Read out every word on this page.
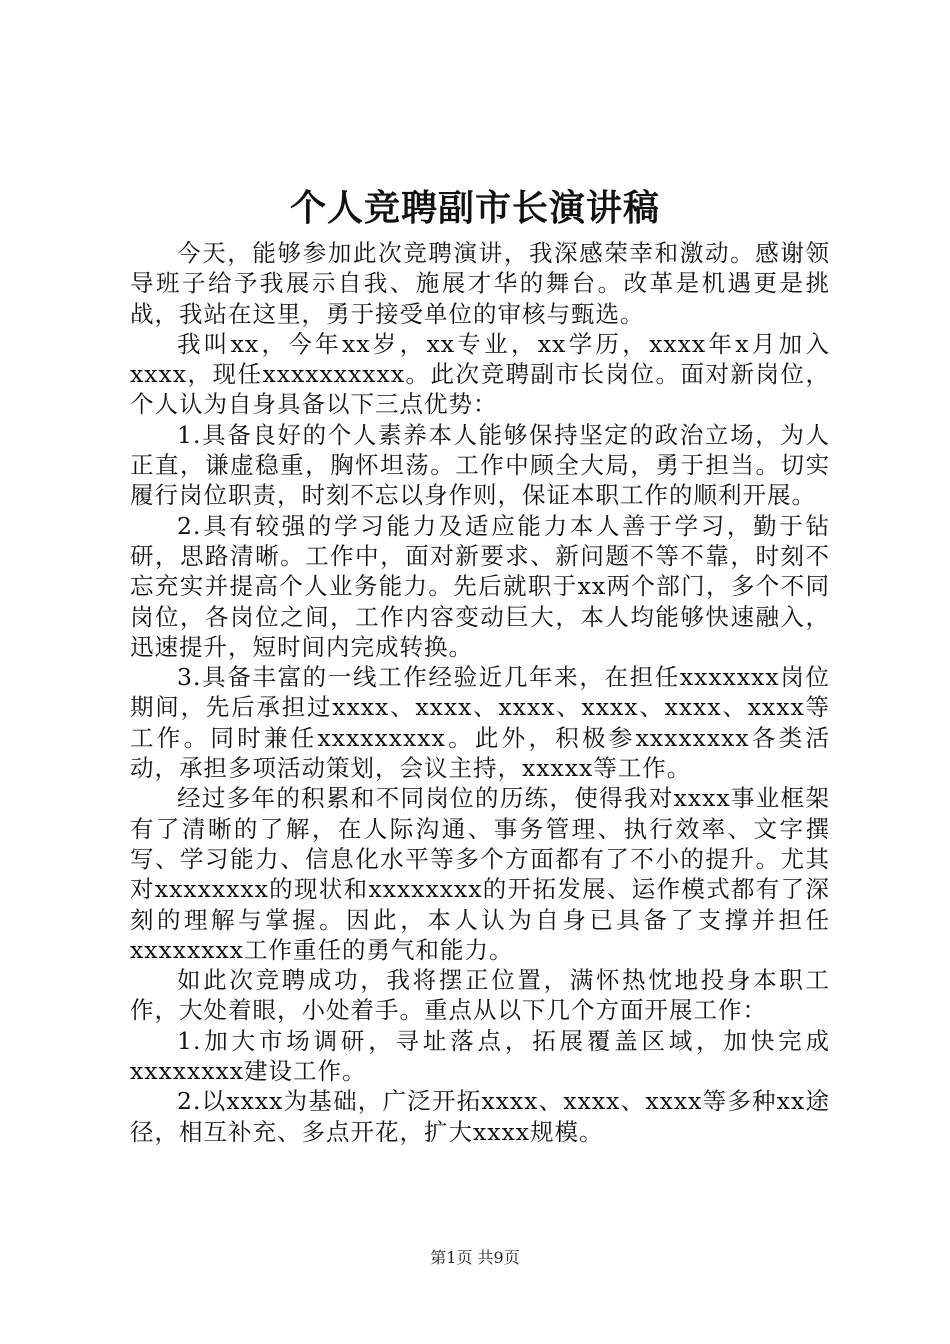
个人竞聘副市长演讲稿

今天，能够参加此次竞聘演讲，我深感荣幸和激动。感谢领导班子给予我展示自我、施展才华的舞台。改革是机遇更是挑战，我站在这里，勇于接受单位的审核与甄选。

我叫xx，今年xx岁，xx专业，xx学历，xxxx年x月加入xxxx，现任xxxxxxxxxx。此次竞聘副市长岗位。面对新岗位，个人认为自身具备以下三点优势：

1.具备良好的个人素养本人能够保持坚定的政治立场，为人正直，谦虚稳重，胸怀坦荡。工作中顾全大局，勇于担当。切实履行岗位职责，时刻不忘以身作则，保证本职工作的顺利开展。

2.具有较强的学习能力及适应能力本人善于学习，勤于钻研，思路清晰。工作中，面对新要求、新问题不等不靠，时刻不忘充实并提高个人业务能力。先后就职于xx两个部门，多个不同岗位，各岗位之间，工作内容变动巨大，本人均能够快速融入，迅速提升，短时间内完成转换。

3.具备丰富的一线工作经验近几年来，在担任xxxxxxx岗位期间，先后承担过xxxx、xxxx、xxxx、xxxx、xxxx、xxxx等工作。同时兼任xxxxxxxxx。此外，积极参xxxxxxxx各类活动，承担多项活动策划，会议主持，xxxxx等工作。

经过多年的积累和不同岗位的历练，使得我对xxxx事业框架有了清晰的了解，在人际沟通、事务管理、执行效率、文字撰写、学习能力、信息化水平等多个方面都有了不小的提升。尤其对xxxxxxxx的现状和xxxxxxxx的开拓发展、运作模式都有了深刻的理解与掌握。因此，本人认为自身已具备了支撑并担任xxxxxxxx工作重任的勇气和能力。

如此次竞聘成功，我将摆正位置，满怀热忱地投身本职工作，大处着眼，小处着手。重点从以下几个方面开展工作：

1.加大市场调研，寻址落点，拓展覆盖区域，加快完成xxxxxxxx建设工作。

2.以xxxx为基础，广泛开拓xxxx、xxxx、xxxx等多种xx途径，相互补充、多点开花，扩大xxxx规模。

第1页 共9页
